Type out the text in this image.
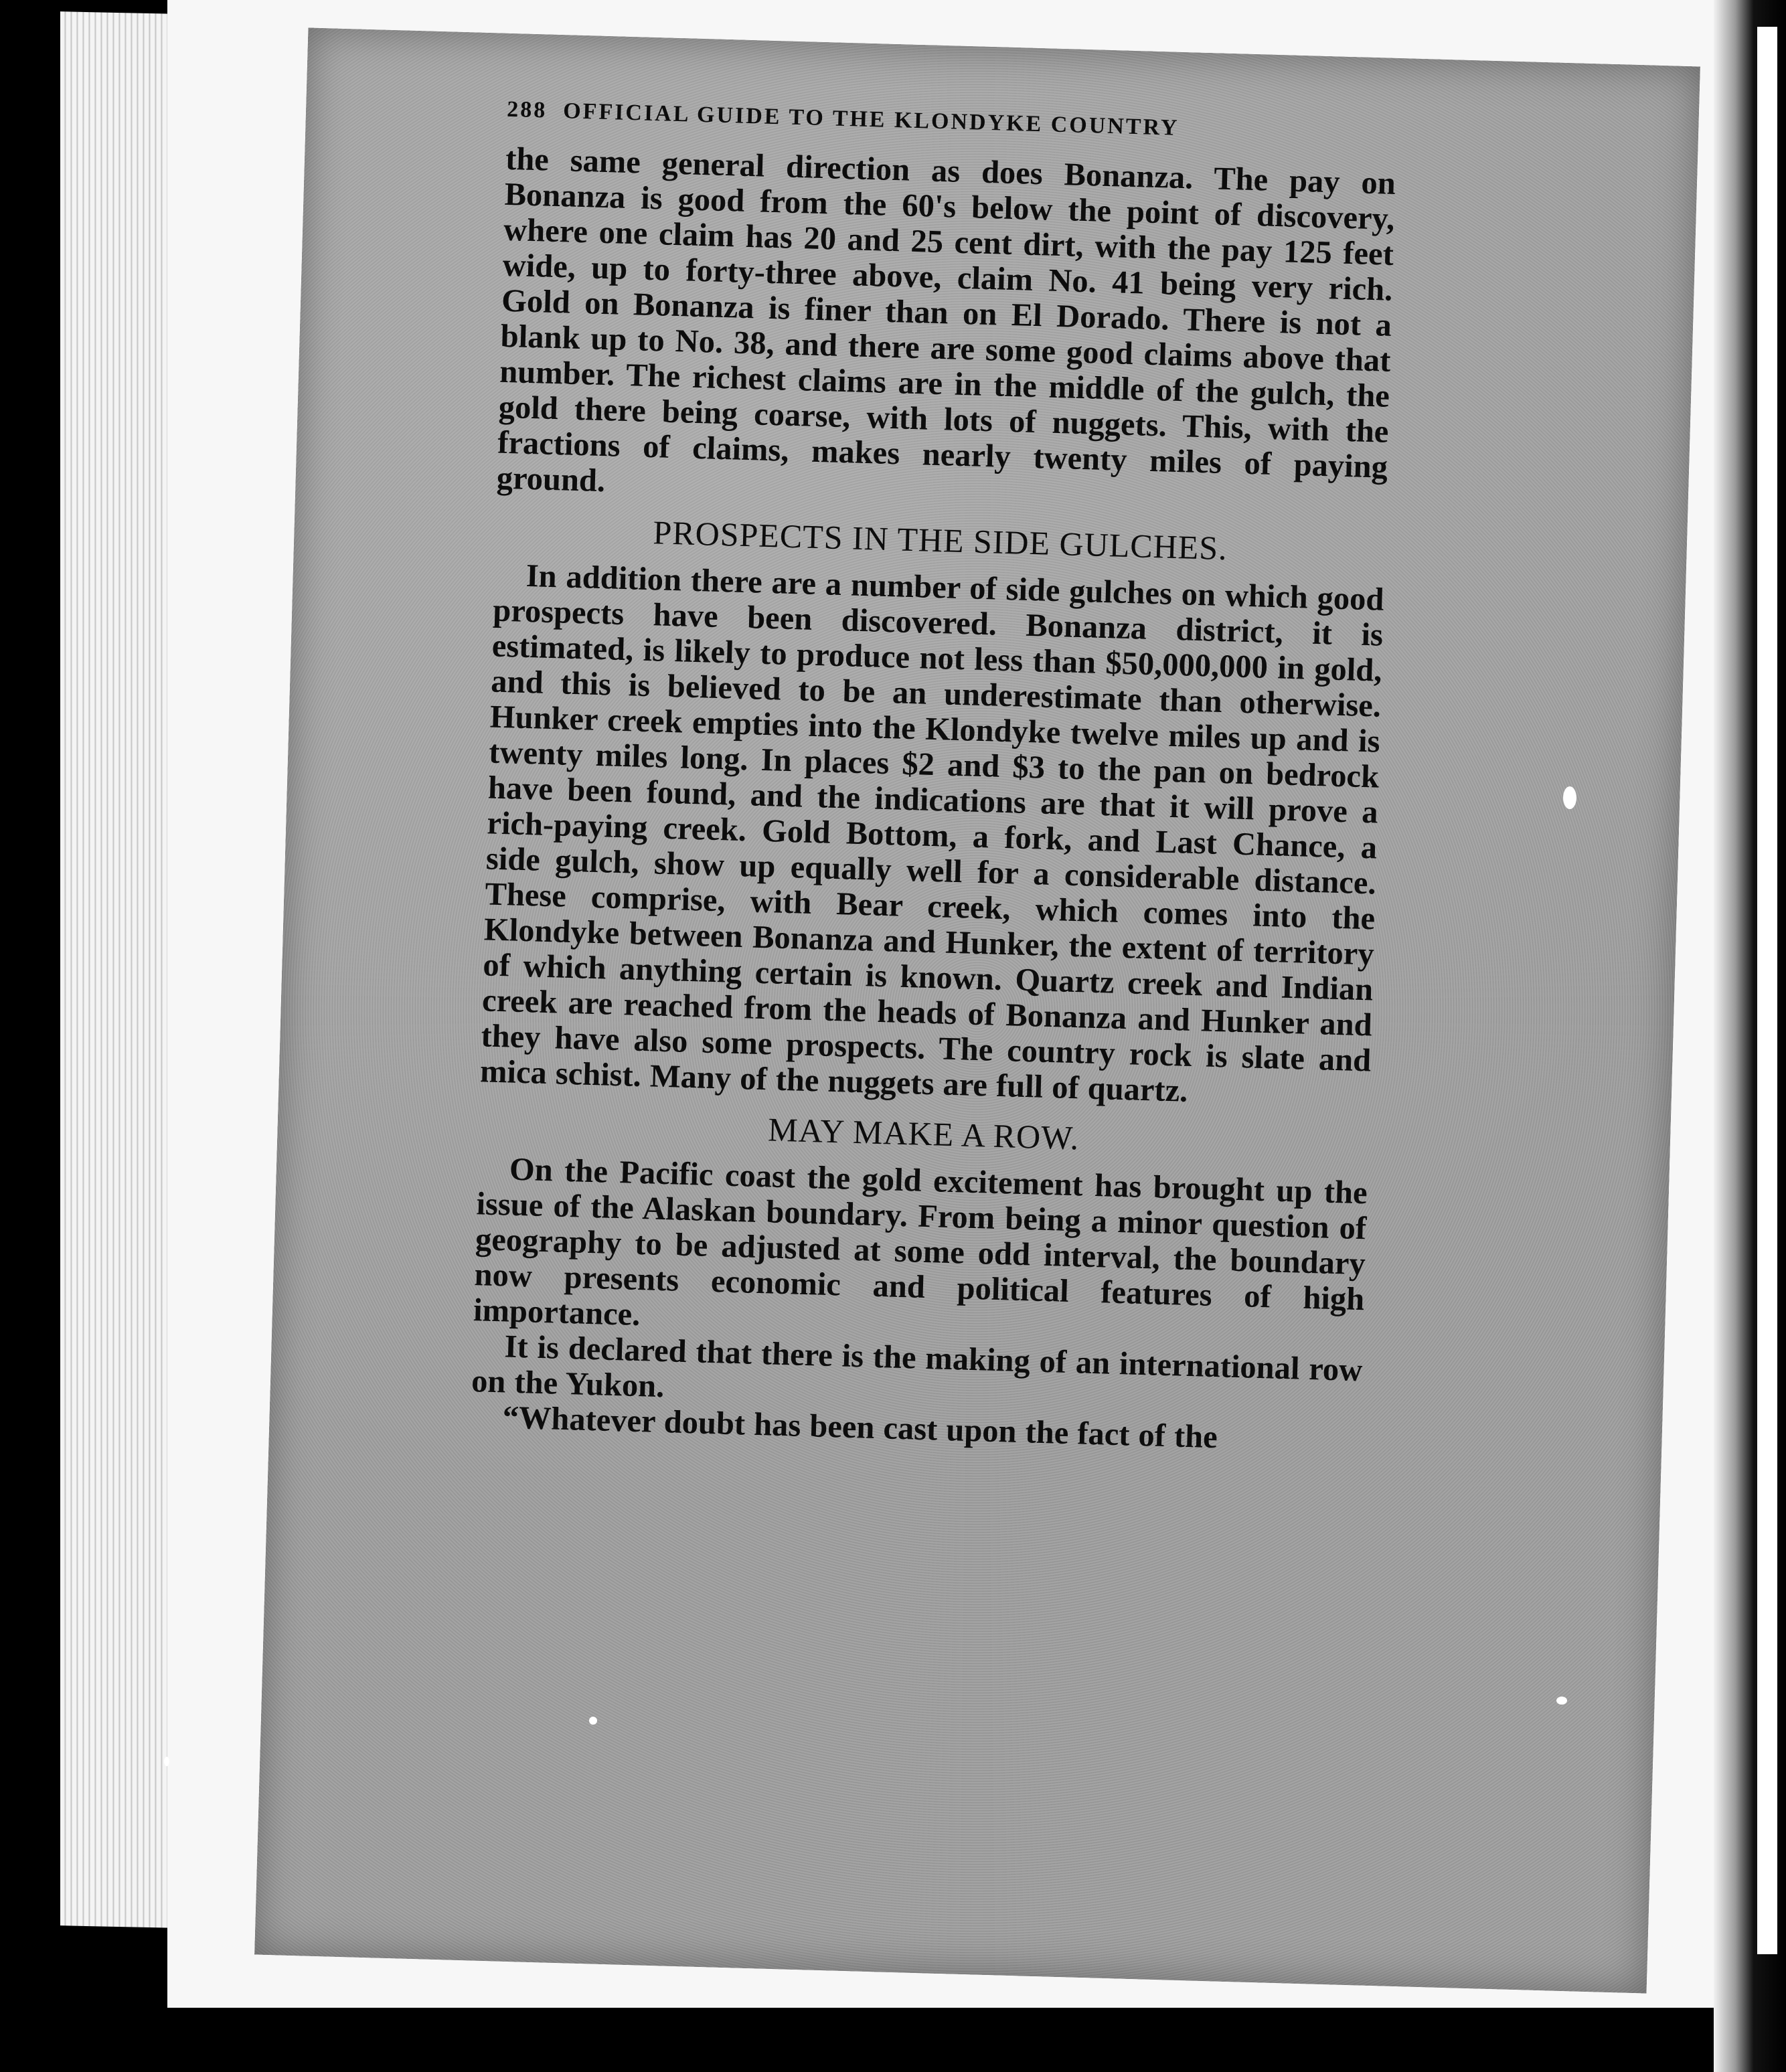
288 OFFICIAL GUIDE TO THE KLONDYKE COUNTRY

the same general direction as does Bonanza. The pay on Bonanza is good from the 60's below the point of discovery, where one claim has 20 and 25 cent dirt, with the pay 125 feet wide, up to forty-three above, claim No. 41 being very rich. Gold on Bonanza is finer than on El Dorado. There is not a blank up to No. 38, and there are some good claims above that number. The richest claims are in the middle of the gulch, the gold there being coarse, with lots of nuggets. This, with the fractions of claims, makes nearly twenty miles of paying ground.

PROSPECTS IN THE SIDE GULCHES.

In addition there are a number of side gulches on which good prospects have been discovered. Bonanza district, it is estimated, is likely to produce not less than $50,000,000 in gold, and this is believed to be an underestimate than otherwise. Hunker creek empties into the Klondyke twelve miles up and is twenty miles long. In places $2 and $3 to the pan on bedrock have been found, and the indications are that it will prove a rich-paying creek. Gold Bottom, a fork, and Last Chance, a side gulch, show up equally well for a considerable distance. These comprise, with Bear creek, which comes into the Klondyke between Bonanza and Hunker, the extent of territory of which anything certain is known. Quartz creek and Indian creek are reached from the heads of Bonanza and Hunker and they have also some prospects. The country rock is slate and mica schist. Many of the nuggets are full of quartz.

MAY MAKE A ROW.

On the Pacific coast the gold excitement has brought up the issue of the Alaskan boundary. From being a minor question of geography to be adjusted at some odd interval, the boundary now presents economic and political features of high importance.

It is declared that there is the making of an international row on the Yukon.

“Whatever doubt has been cast upon the fact of the
